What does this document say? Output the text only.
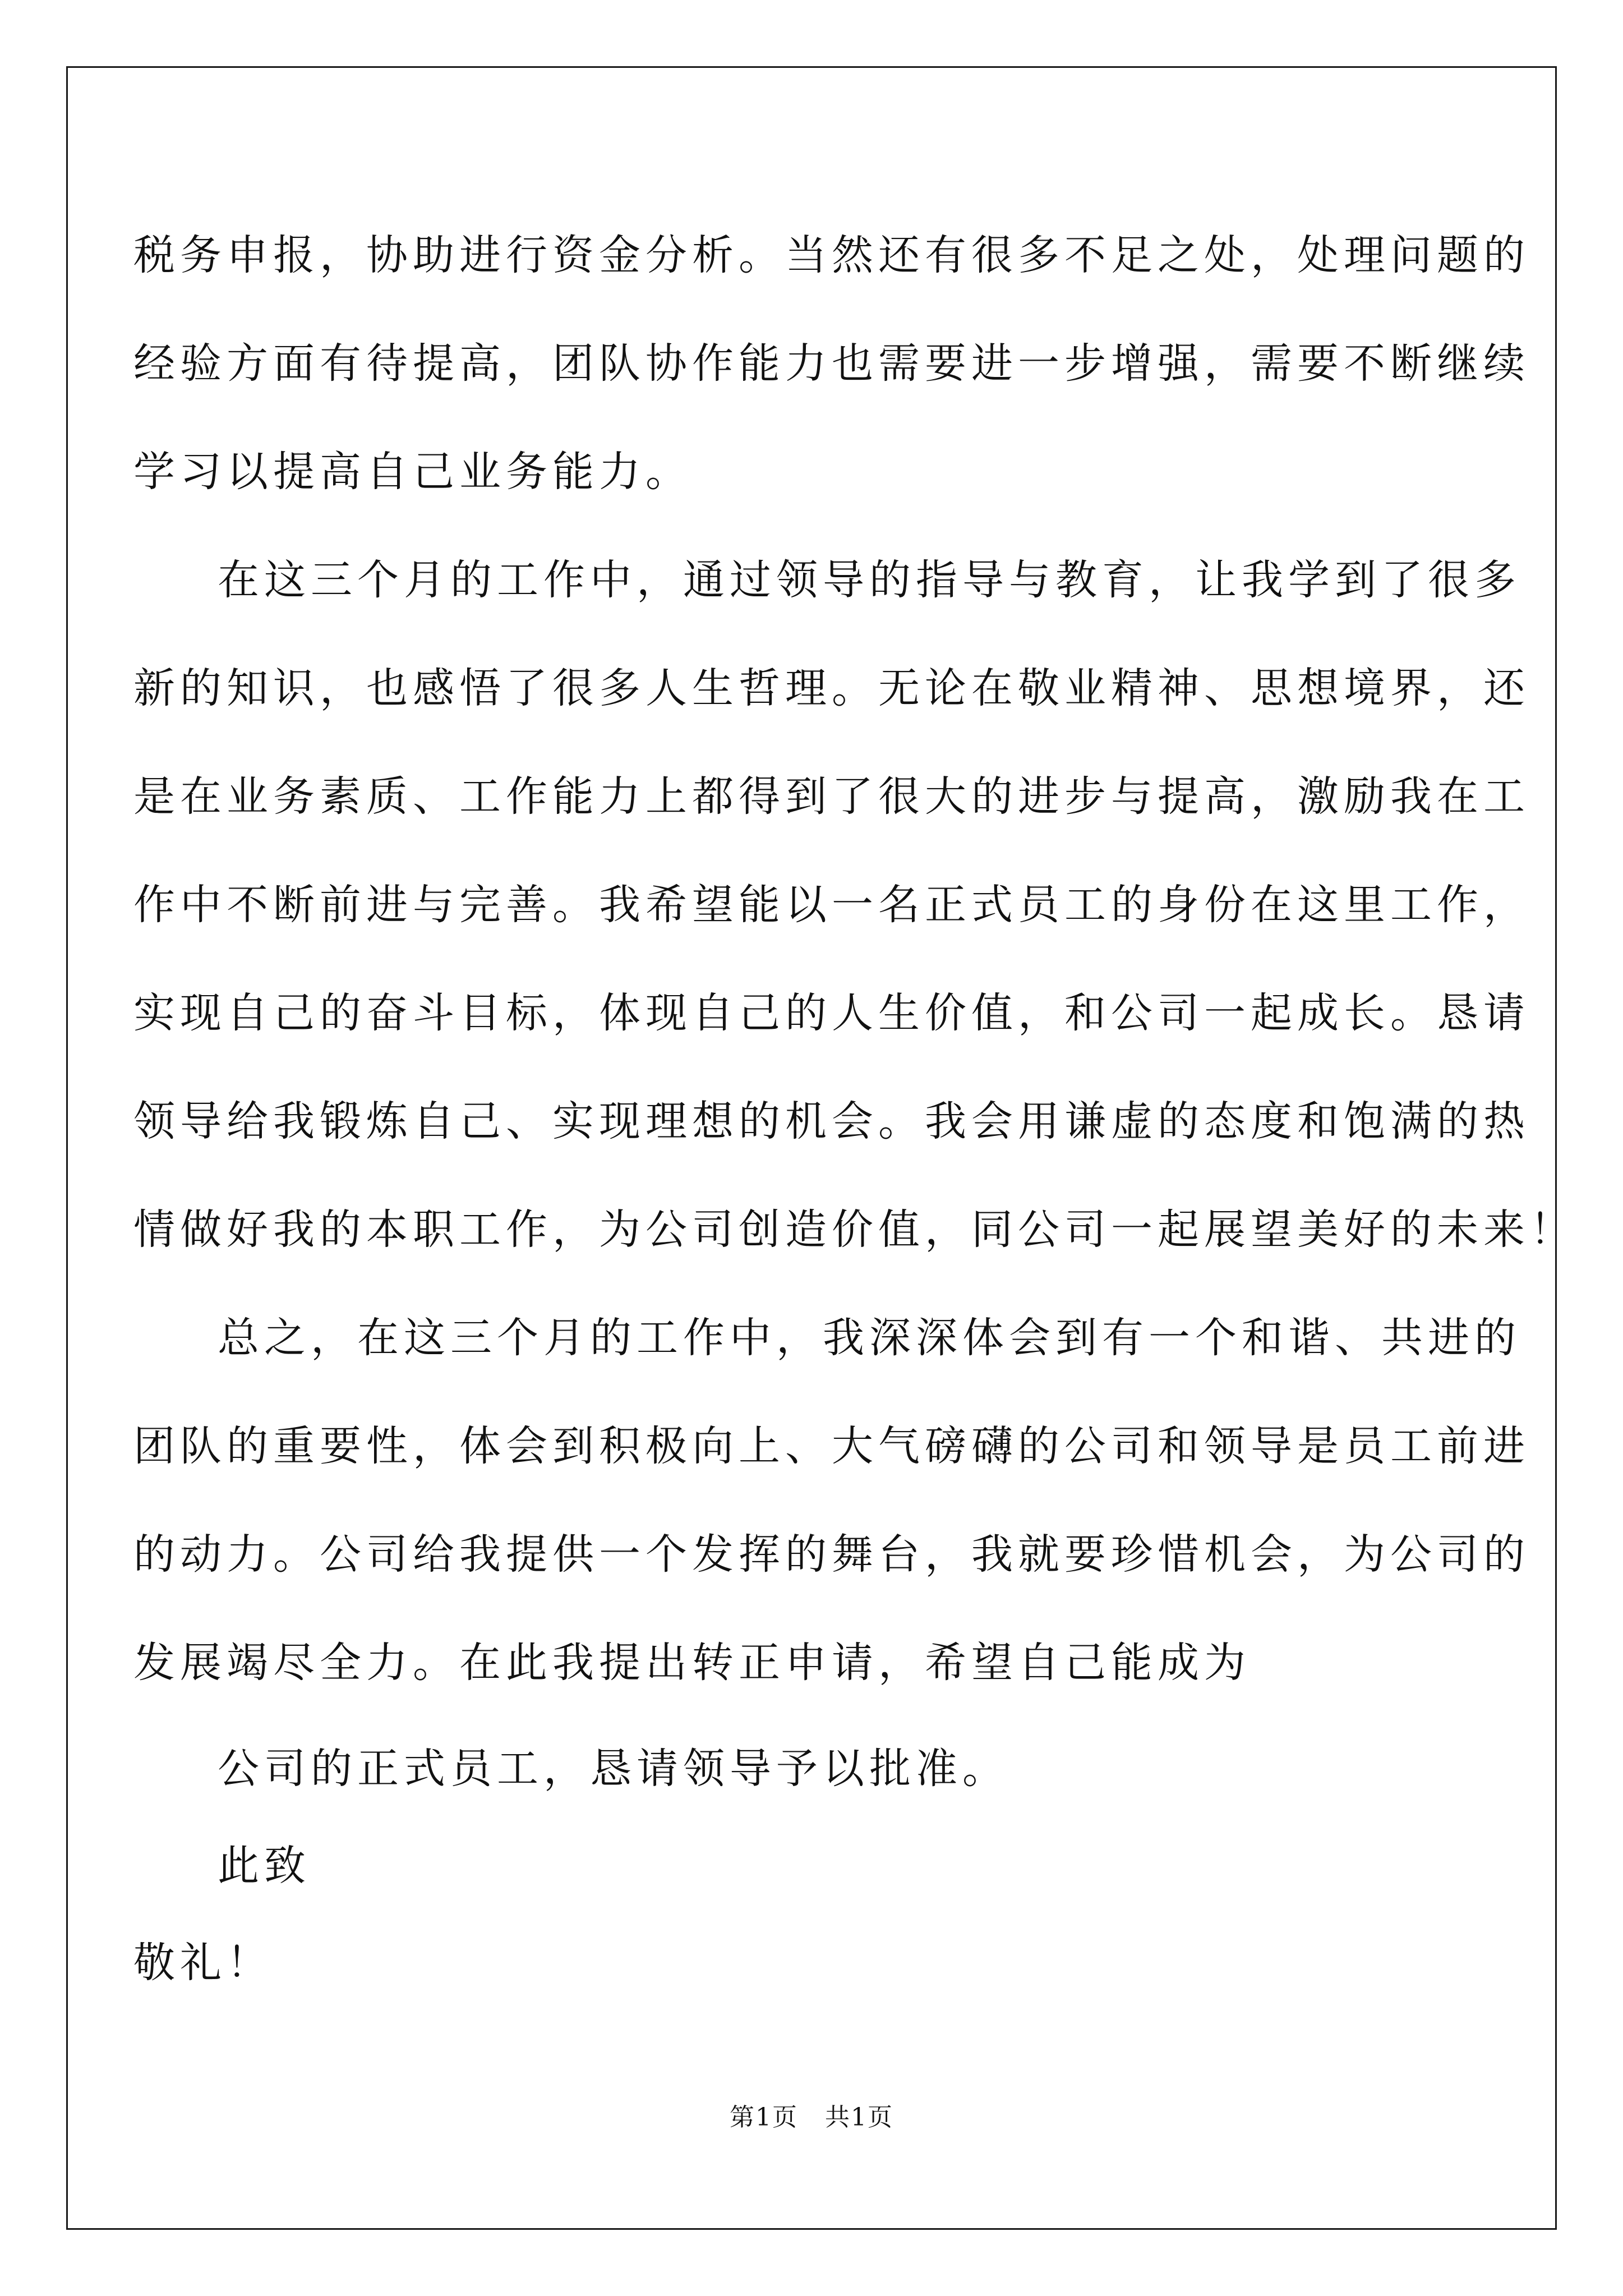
税务申报，协助进行资金分析。当然还有很多不足之处，处理问题的
经验方面有待提高，团队协作能力也需要进一步增强，需要不断继续
学习以提高自己业务能力。
在这三个月的工作中，通过领导的指导与教育，让我学到了很多
新的知识，也感悟了很多人生哲理。无论在敬业精神、思想境界，还
是在业务素质、工作能力上都得到了很大的进步与提高，激励我在工
作中不断前进与完善。我希望能以一名正式员工的身份在这里工作，
实现自己的奋斗目标，体现自己的人生价值，和公司一起成长。恳请
领导给我锻炼自己、实现理想的机会。我会用谦虚的态度和饱满的热
情做好我的本职工作，为公司创造价值，同公司一起展望美好的未来！
总之，在这三个月的工作中，我深深体会到有一个和谐、共进的
团队的重要性，体会到积极向上、大气磅礴的公司和领导是员工前进
的动力。公司给我提供一个发挥的舞台，我就要珍惜机会，为公司的
发展竭尽全力。在此我提出转正申请，希望自己能成为
公司的正式员工，恳请领导予以批准。
此致
敬礼！
第1页   共1页
